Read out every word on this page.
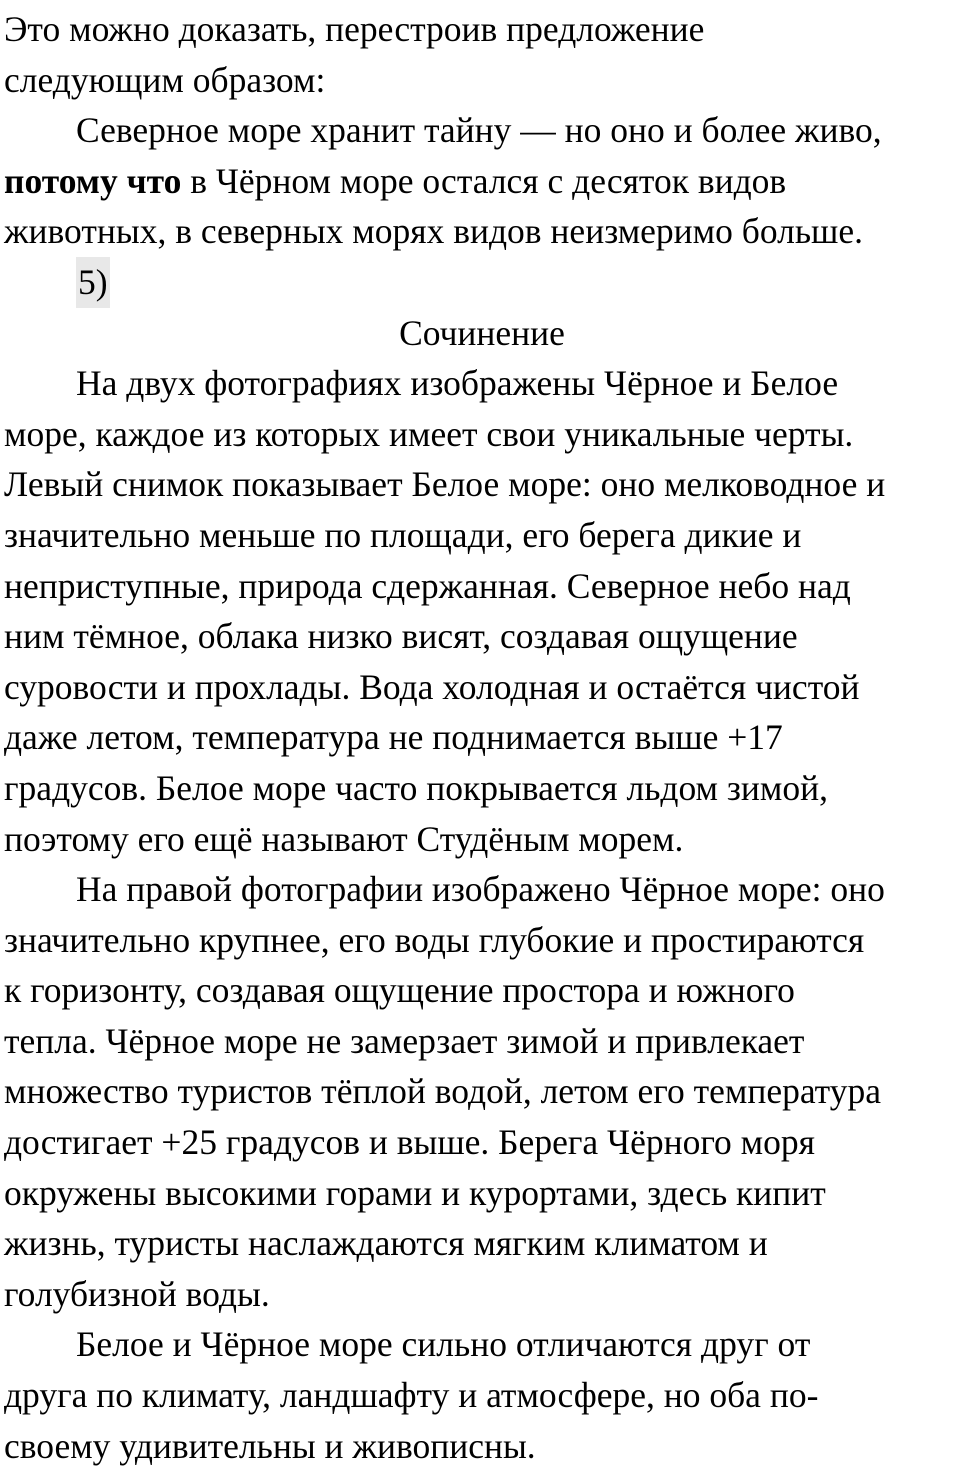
Это можно доказать, перестроив предложение
следующим образом:
Северное море хранит тайну — но оно и более живо,
потому что в Чёрном море остался с десяток видов
животных, в северных морях видов неизмеримо больше.
5)
Сочинение
На двух фотографиях изображены Чёрное и Белое
море, каждое из которых имеет свои уникальные черты.
Левый снимок показывает Белое море: оно мелководное и
значительно меньше по площади, его берега дикие и
неприступные, природа сдержанная. Северное небо над
ним тёмное, облака низко висят, создавая ощущение
суровости и прохлады. Вода холодная и остаётся чистой
даже летом, температура не поднимается выше +17
градусов. Белое море часто покрывается льдом зимой,
поэтому его ещё называют Студёным морем.
На правой фотографии изображено Чёрное море: оно
значительно крупнее, его воды глубокие и простираются
к горизонту, создавая ощущение простора и южного
тепла. Чёрное море не замерзает зимой и привлекает
множество туристов тёплой водой, летом его температура
достигает +25 градусов и выше. Берега Чёрного моря
окружены высокими горами и курортами, здесь кипит
жизнь, туристы наслаждаются мягким климатом и
голубизной воды.
Белое и Чёрное море сильно отличаются друг от
друга по климату, ландшафту и атмосфере, но оба по-
своему удивительны и живописны.
